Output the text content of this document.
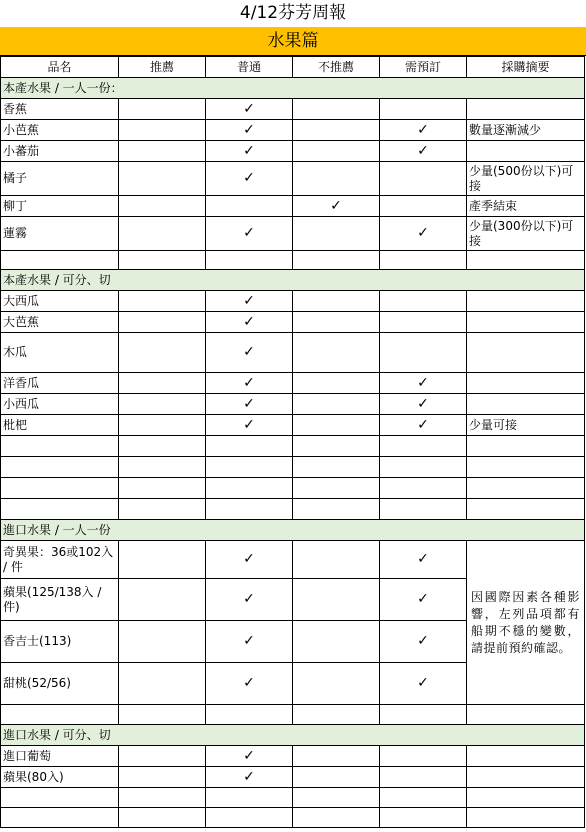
4/12芬芳周報
水果篇
品名	推薦	普通	不推薦	需預訂	採購摘要
本產水果 / 一人一份：					
香蕉		✓			
小芭蕉		✓		✓	數量逐漸減少
小蕃茄		✓		✓	
橘子		✓			少量(500份以下)可接
柳丁			✓		產季結束
蓮霧		✓		✓	少量(300份以下)可接

本產水果 / 可分、切					
大西瓜		✓			
大芭蕉		✓			
木瓜		✓			
洋香瓜		✓		✓	
小西瓜		✓		✓	
枇杷		✓		✓	少量可接

進口水果 / 一人一份					
奇異果：36或102入 / 件		✓		✓	因國際因素各種影響，左列品項都有船期不穩的變數，請提前預約確認。
蘋果(125/138入 / 件)		✓		✓	
香吉士(113)		✓		✓	
甜桃(52/56)		✓		✓	

進口水果 / 可分、切					
進口葡萄		✓			
蘋果(80入)		✓			
